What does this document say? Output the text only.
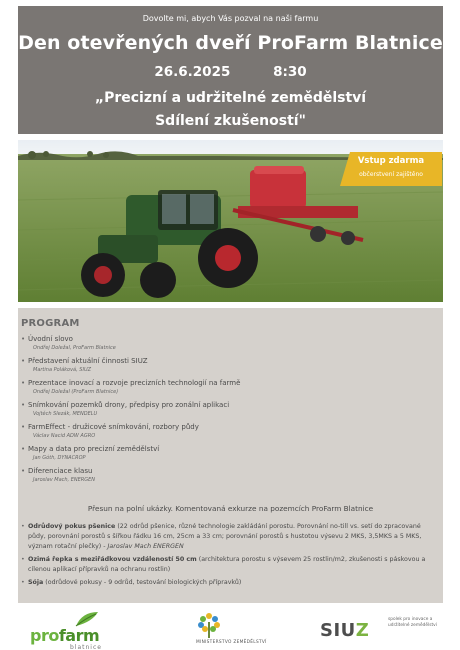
Dovolte mi, abych Vás pozval na naši farmu
Den otevřených dveří ProFarm Blatnice
26.6.2025	8:30
„Precizní a udržitelné zemědělství
Sdílení zkušeností"
Vstup zdarma
občerstvení zajištěno
PROGRAM
• Úvodní slovo
Ondřej Doležal, ProFarm Blatnice
• Představení aktuální činnosti SIUZ
Martina Poláková, SIUZ
• Prezentace inovací a rozvoje precizních technologií na farmě
Ondřej Doležal (ProFarm Blatnice)
• Snímkování pozemků drony, předpisy pro zonální aplikaci
Vojtěch Slezák, MENDELU
• FarmEffect - družicové snímkování, rozbory půdy
Václav Nacid ADW AGRO
• Mapy a data pro precizní zemědělství
Jan Góth, DYNACROP
• Diferenciace klasu
Jaroslav Mach, ENERGEN
Přesun na polní ukázky. Komentovaná exkurze na pozemcích ProFarm Blatnice
• Odrůdový pokus pšenice (22 odrůd pšenice, různé technologie zakládání porostu. Porovnání no-till vs. setí do zpracované půdy, porovnání porostů s šířkou řádku 16 cm, 25cm a 33 cm; porovnání porostů s hustotou výsevu 2 MKS, 3,5MKS a 5 MKS, význam rotační plečky) - Jaroslav Mach ENERGEN
• Ozimá řepka s meziřádkovou vzdáleností 50 cm (architektura porostu s výsevem 25 rostlin/m2, zkušenosti s páskovou a cílenou aplikací přípravků na ochranu rostlin)
• Sója (odrůdové pokusy - 9 odrůd, testování biologických přípravků)
profarm
blatnice
MINISTERSTVO ZEMĚDĚLSTVÍ
SIUZ
spolek pro inovace a udržitelné zemědělství
